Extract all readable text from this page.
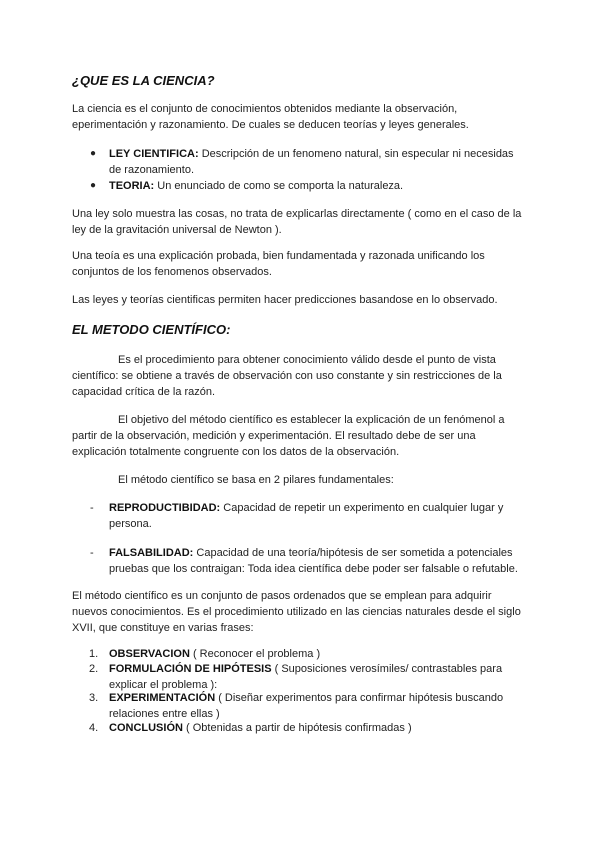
¿QUE ES LA CIENCIA?
La ciencia es el conjunto de conocimientos obtenidos mediante la observación, eperimentación y razonamiento. De cuales se deducen teorías y leyes generales.
● LEY CIENTIFICA: Descripción de un fenomeno natural, sin especular ni necesidas de razonamiento.
● TEORIA: Un enunciado de como se comporta la naturaleza.
Una ley solo muestra las cosas, no trata de explicarlas directamente ( como en el caso de la ley de la gravitación universal de Newton ).
Una teoía es una explicación probada, bien fundamentada y razonada unificando los conjuntos de los fenomenos observados.
Las leyes y teorías cientificas permiten hacer predicciones basandose en lo observado.
EL METODO CIENTÍFICO:
Es el procedimiento para obtener conocimiento válido desde el punto de vista científico: se obtiene a través de observación con uso constante y sin restricciones de la capacidad crítica de la razón.
El objetivo del método científico es establecer la explicación de un fenómenol a partir de la observación, medición y experimentación. El resultado debe de ser una explicación totalmente congruente con los datos de la observación.
El método científico se basa en 2 pilares fundamentales:
- REPRODUCTIBIDAD: Capacidad de repetir un experimento en cualquier lugar y persona.
- FALSABILIDAD: Capacidad de una teoría/hipótesis de ser sometida a potenciales pruebas que los contraigan: Toda idea científica debe poder ser falsable o refutable.
El método científico es un conjunto de pasos ordenados que se emplean para adquirir nuevos conocimientos. Es el procedimiento utilizado en las ciencias naturales desde el siglo XVII, que constituye en varias frases:
1. OBSERVACION ( Reconocer el problema )
2. FORMULACIÓN DE HIPÓTESIS ( Suposiciones verosímiles/ contrastables para explicar el problema ):
3. EXPERIMENTACIÓN ( Diseñar experimentos para confirmar hipótesis buscando relaciones entre ellas )
4. CONCLUSIÓN ( Obtenidas a partir de hipótesis confirmadas )
